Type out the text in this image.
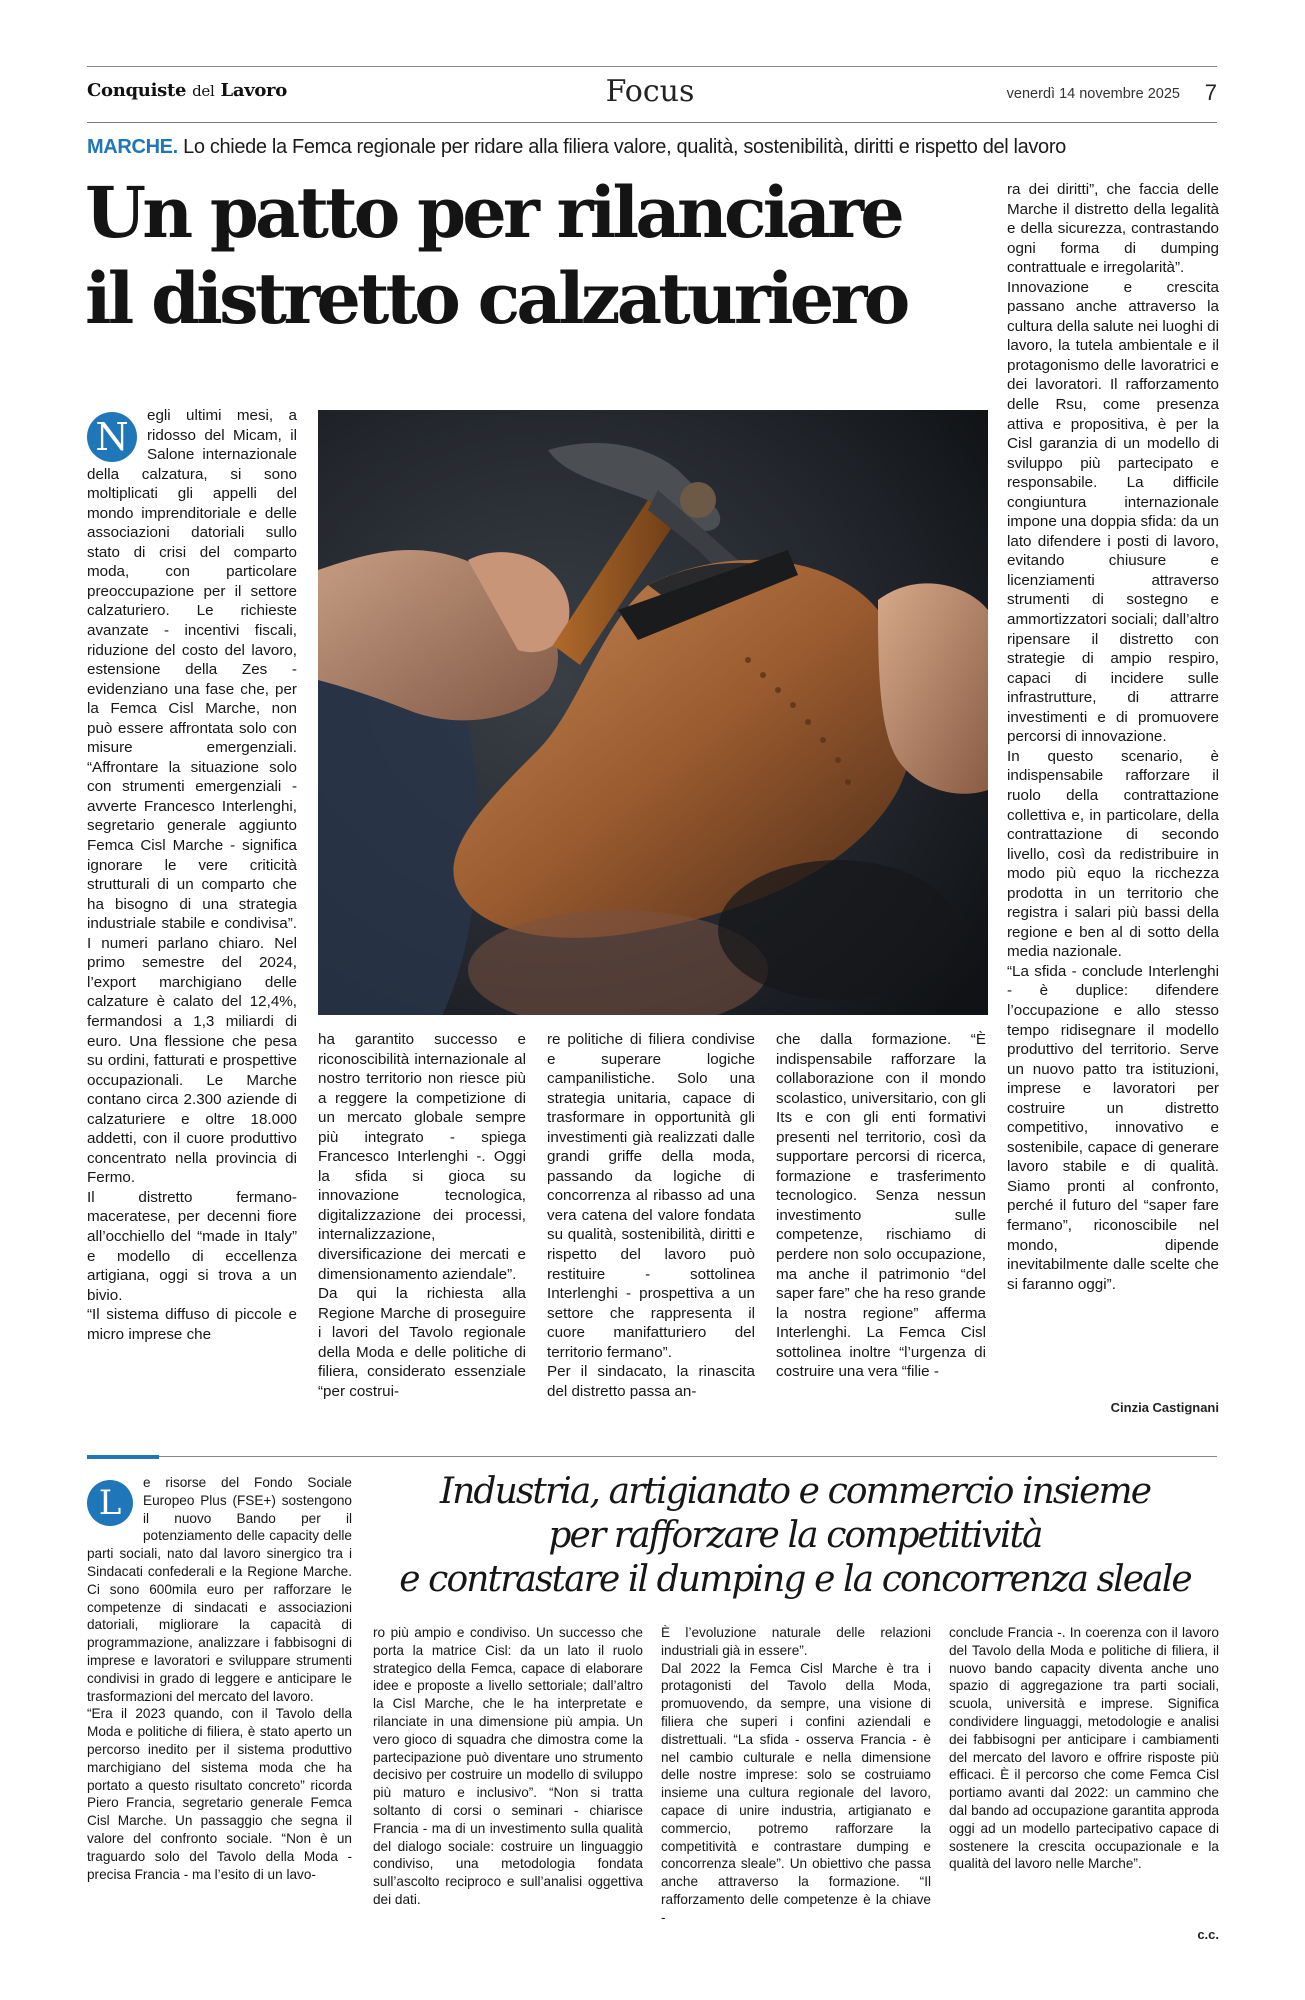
Conquiste del Lavoro	Focus	venerdì 14 novembre 2025	7
MARCHE. Lo chiede la Femca regionale per ridare alla filiera valore, qualità, sostenibilità, diritti e rispetto del lavoro
Un patto per rilanciare
il distretto calzaturiero
N	egli ultimi mesi, a ridosso del Micam, il Salone internazionale della calzatura, si sono moltiplicati gli appelli del mondo imprenditoriale e delle associazioni datoriali sullo stato di crisi del comparto moda, con particolare preoccupazione per il settore calzaturiero. Le richieste avanzate - incentivi fiscali, riduzione del costo del lavoro, estensione della Zes - evidenziano una fase che, per la Femca Cisl Marche, non può essere affrontata solo con misure emergenziali. “Affrontare la situazione solo con strumenti emergenziali - avverte Francesco Interlenghi, segretario generale aggiunto Femca Cisl Marche - significa ignorare le vere criticità strutturali di un comparto che ha bisogno di una strategia industriale stabile e condivisa”. I numeri parlano chiaro. Nel primo semestre del 2024, l’export marchigiano delle calzature è calato del 12,4%, fermandosi a 1,3 miliardi di euro. Una flessione che pesa su ordini, fatturati e prospettive occupazionali. Le Marche contano circa 2.300 aziende di calzaturiere e oltre 18.000 addetti, con il cuore produttivo concentrato nella provincia di Fermo.

Il distretto fermano-maceratese, per decenni fiore all’occhiello del “made in Italy” e modello di eccellenza artigiana, oggi si trova a un bivio.

“Il sistema diffuso di piccole e micro imprese che

ha garantito successo e riconoscibilità internazionale al nostro territorio non riesce più a reggere la competizione di un mercato globale sempre più integrato - spiega Francesco Interlenghi -. Oggi la sfida si gioca su innovazione tecnologica, digitalizzazione dei processi, internalizzazione, diversificazione dei mercati e dimensionamento aziendale”.

Da qui la richiesta alla Regione Marche di proseguire i lavori del Tavolo regionale della Moda e delle politiche di filiera, considerato essenziale “per costrui-

re politiche di filiera condivise e superare logiche campanilistiche. Solo una strategia unitaria, capace di trasformare in opportunità gli investimenti già realizzati dalle grandi griffe della moda, passando da logiche di concorrenza al ribasso ad una vera catena del valore fondata su qualità, sostenibilità, diritti e rispetto del lavoro può restituire - sottolinea Interlenghi - prospettiva a un settore che rappresenta il cuore manifatturiero del territorio fermano”.

Per il sindacato, la rinascita del distretto passa an-

che dalla formazione. “È indispensabile rafforzare la collaborazione con il mondo scolastico, universitario, con gli Its e con gli enti formativi presenti nel territorio, così da supportare percorsi di ricerca, formazione e trasferimento tecnologico. Senza nessun investimento sulle competenze, rischiamo di perdere non solo occupazione, ma anche il patrimonio “del saper fare” che ha reso grande la nostra regione” afferma Interlenghi. La Femca Cisl sottolinea inoltre “l’urgenza di costruire una vera “filie -

ra dei diritti”, che faccia delle Marche il distretto della legalità e della sicurezza, contrastando ogni forma di dumping contrattuale e irregolarità”.

Innovazione e crescita passano anche attraverso la cultura della salute nei luoghi di lavoro, la tutela ambientale e il protagonismo delle lavoratrici e dei lavoratori. Il rafforzamento delle Rsu, come presenza attiva e propositiva, è per la Cisl garanzia di un modello di sviluppo più partecipato e responsabile. La difficile congiuntura internazionale impone una doppia sfida: da un lato difendere i posti di lavoro, evitando chiusure e licenziamenti attraverso strumenti di sostegno e ammortizzatori sociali; dall’altro ripensare il distretto con strategie di ampio respiro, capaci di incidere sulle infrastrutture, di attrarre investimenti e di promuovere percorsi di innovazione.

In questo scenario, è indispensabile rafforzare il ruolo della contrattazione collettiva e, in particolare, della contrattazione di secondo livello, così da redistribuire in modo più equo la ricchezza prodotta in un territorio che registra i salari più bassi della regione e ben al di sotto della media nazionale.

“La sfida - conclude Interlenghi - è duplice: difendere l’occupazione e allo stesso tempo ridisegnare il modello produttivo del territorio. Serve un nuovo patto tra istituzioni, imprese e lavoratori per costruire un distretto competitivo, innovativo e sostenibile, capace di generare lavoro stabile e di qualità. Siamo pronti al confronto, perché il futuro del “saper fare fermano”, riconoscibile nel mondo, dipende inevitabilmente dalle scelte che si faranno oggi”.

Cinzia Castignani
Industria, artigianato e commercio insieme
per rafforzare la competitività
e contrastare il dumping e la concorrenza sleale
L

e risorse del Fondo Sociale Europeo Plus (FSE+) sostengono il nuovo Bando per il potenziamento delle capacity delle parti sociali, nato dal lavoro sinergico tra i Sindacati confederali e la Regione Marche. Ci sono 600mila euro per rafforzare le competenze di sindacati e associazioni datoriali, migliorare la capacità di programmazione, analizzare i fabbisogni di imprese e lavoratori e sviluppare strumenti condivisi in grado di leggere e anticipare le trasformazioni del mercato del lavoro.

“Era il 2023 quando, con il Tavolo della Moda e politiche di filiera, è stato aperto un percorso inedito per il sistema produttivo marchigiano del sistema moda che ha portato a questo risultato concreto” ricorda Piero Francia, segretario generale Femca Cisl Marche. Un passaggio che segna il valore del confronto sociale. “Non è un traguardo solo del Tavolo della Moda - precisa Francia - ma l’esito di un lavo-

ro più ampio e condiviso. Un successo che porta la matrice Cisl: da un lato il ruolo strategico della Femca, capace di elaborare idee e proposte a livello settoriale; dall’altro la Cisl Marche, che le ha interpretate e rilanciate in una dimensione più ampia. Un vero gioco di squadra che dimostra come la partecipazione può diventare uno strumento decisivo per costruire un modello di sviluppo più maturo e inclusivo”. “Non si tratta soltanto di corsi o seminari - chiarisce Francia - ma di un investimento sulla qualità del dialogo sociale: costruire un linguaggio condiviso, una metodologia fondata sull’ascolto reciproco e sull’analisi oggettiva dei dati.

È l’evoluzione naturale delle relazioni industriali già in essere”.

Dal 2022 la Femca Cisl Marche è tra i protagonisti del Tavolo della Moda, promuovendo, da sempre, una visione di filiera che superi i confini aziendali e distrettuali. “La sfida - osserva Francia - è nel cambio culturale e nella dimensione delle nostre imprese: solo se costruiamo insieme una cultura regionale del lavoro, capace di unire industria, artigianato e commercio, potremo rafforzare la competitività e contrastare dumping e concorrenza sleale”. Un obiettivo che passa anche attraverso la formazione. “Il rafforzamento delle competenze è la chiave -

conclude Francia -. In coerenza con il lavoro del Tavolo della Moda e politiche di filiera, il nuovo bando capacity diventa anche uno spazio di aggregazione tra parti sociali, scuola, università e imprese. Significa condividere linguaggi, metodologie e analisi dei fabbisogni per anticipare i cambiamenti del mercato del lavoro e offrire risposte più efficaci. È il percorso che come Femca Cisl portiamo avanti dal 2022: un cammino che dal bando ad occupazione garantita approda oggi ad un modello partecipativo capace di sostenere la crescita occupazionale e la qualità del lavoro nelle Marche”.

c.c.
